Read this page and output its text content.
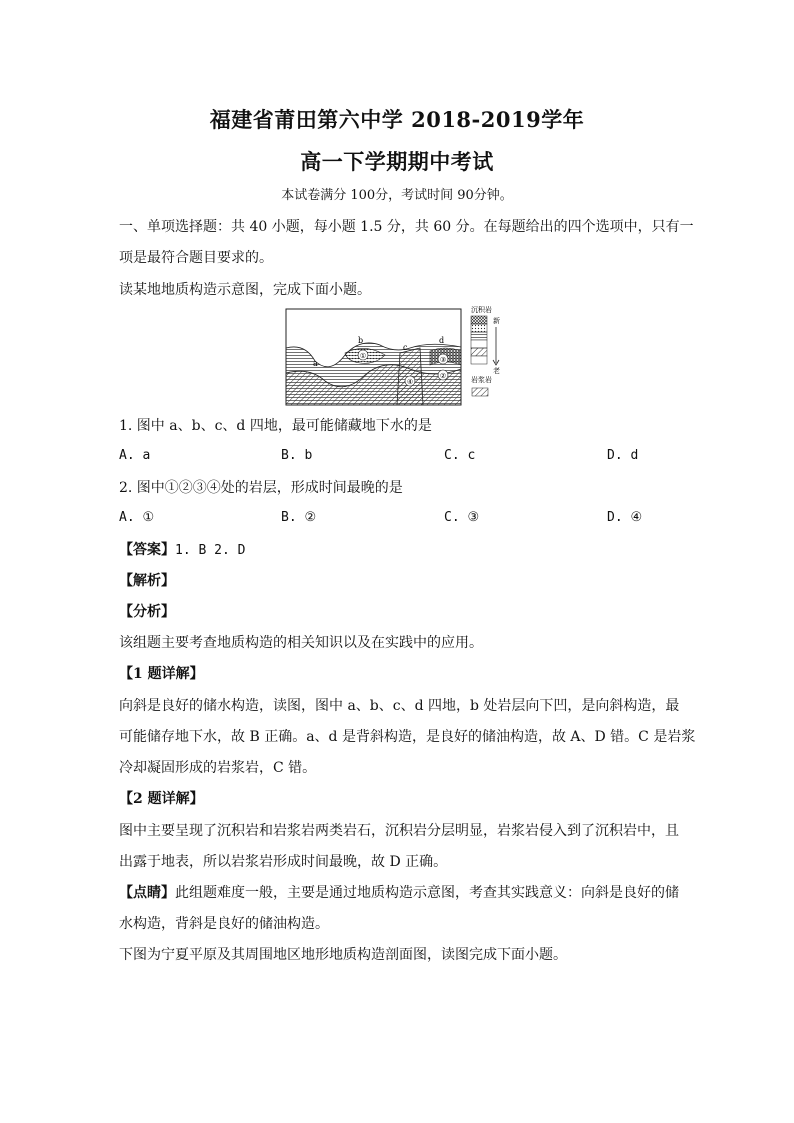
福建省莆田第六中学 2018-2019学年
高一下学期期中考试
本试卷满分 100分，考试时间 90分钟。
一、单项选择题：共 40 小题，每小题 1.5 分，共 60 分。在每题给出的四个选项中，只有一
项是最符合题目要求的。
读某地地质构造示意图，完成下面小题。
①
②
③
④
a
b
c
d
沉积岩
新
老
岩浆岩
1. 图中 a、b、c、d 四地，最可能储藏地下水的是
A. a	B. b	C. c	D. d
2. 图中①②③④处的岩层，形成时间最晚的是
A. ①	B. ②	C. ③	D. ④
【答案】1. B 2. D
【解析】
【分析】
该组题主要考查地质构造的相关知识以及在实践中的应用。
【1 题详解】
向斜是良好的储水构造，读图，图中 a、b、c、d 四地，b 处岩层向下凹，是向斜构造，最
可能储存地下水，故 B 正确。a、d 是背斜构造，是良好的储油构造，故 A、D 错。C 是岩浆
冷却凝固形成的岩浆岩，C 错。
【2 题详解】
图中主要呈现了沉积岩和岩浆岩两类岩石，沉积岩分层明显，岩浆岩侵入到了沉积岩中，且
出露于地表，所以岩浆岩形成时间最晚，故 D 正确。
【点睛】此组题难度一般，主要是通过地质构造示意图，考查其实践意义：向斜是良好的储
水构造，背斜是良好的储油构造。
下图为宁夏平原及其周围地区地形地质构造剖面图，读图完成下面小题。
